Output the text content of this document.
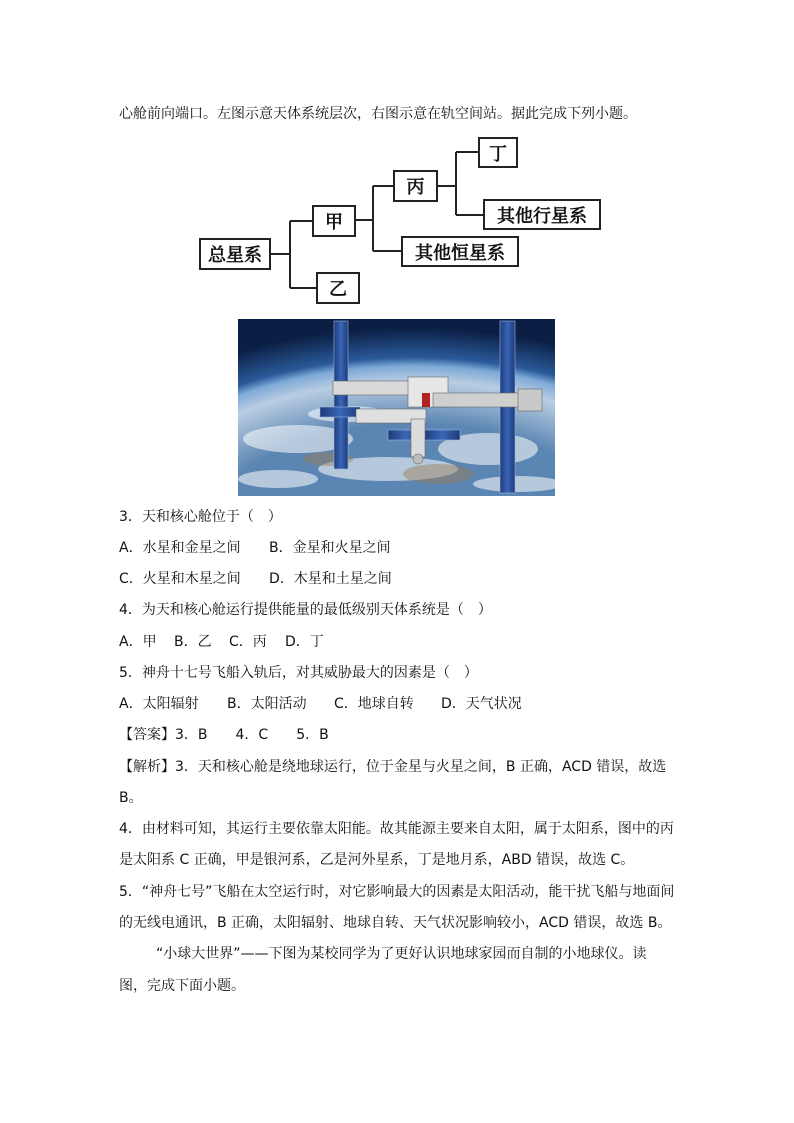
心舱前向端口。左图示意天体系统层次，右图示意在轨空间站。据此完成下列小题。
总星系
甲
乙
丙
其他恒星系
丁
其他行星系
3．天和核心舱位于（　）
A．水星和金星之间 B．金星和火星之间
C．火星和木星之间 D．木星和土星之间
4．为天和核心舱运行提供能量的最低级别天体系统是（　）
A．甲 B．乙 C．丙 D．丁
5．神舟十七号飞船入轨后，对其威胁最大的因素是（　）
A．太阳辐射 B．太阳活动 C．地球自转 D．天气状况
【答案】3．B　　4．C　　5．B
【解析】3．天和核心舱是绕地球运行，位于金星与火星之间，B 正确，ACD 错误，故选
B。
4．由材料可知，其运行主要依靠太阳能。故其能源主要来自太阳，属于太阳系，图中的丙
是太阳系 C 正确，甲是银河系，乙是河外星系，丁是地月系，ABD 错误，故选 C。
5．“神舟七号”飞船在太空运行时，对它影响最大的因素是太阳活动，能干扰飞船与地面间
的无线电通讯，B 正确，太阳辐射、地球自转、天气状况影响较小，ACD 错误，故选 B。
“小球大世界”——下图为某校同学为了更好认识地球家园而自制的小地球仪。读
图，完成下面小题。
